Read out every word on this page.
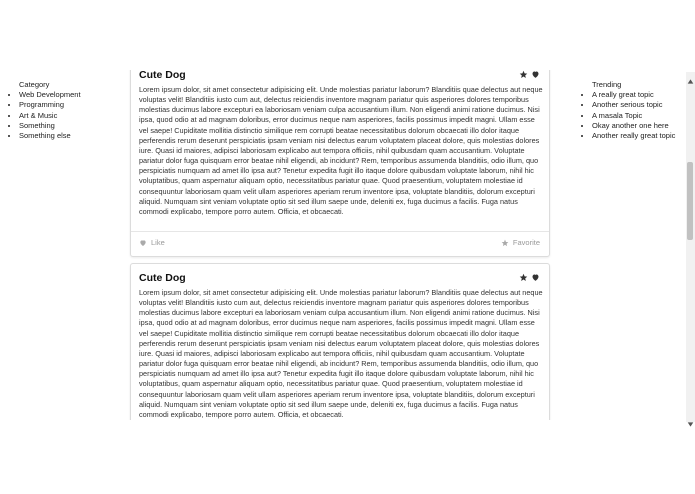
Category
• Web Development
• Programming
• Art & Music
• Something
• Something else
Cute Dog
Lorem ipsum dolor, sit amet consectetur adipisicing elit. Unde molestias pariatur laborum? Blanditiis quae delectus aut neque voluptas velit! Blanditiis iusto cum aut, delectus reiciendis inventore magnam pariatur quis asperiores dolores temporibus molestias ducimus labore excepturi ea laboriosam veniam culpa accusantium illum. Non eligendi animi ratione ducimus. Nisi ipsa, quod odio at ad magnam doloribus, error ducimus neque nam asperiores, facilis possimus impedit magni. Ullam esse vel saepe! Cupiditate mollitia distinctio similique rem corrupti beatae necessitatibus dolorum obcaecati illo dolor itaque perferendis rerum deserunt perspiciatis ipsam veniam nisi delectus earum voluptatem placeat dolore, quis molestias dolores iure. Quasi id maiores, adipisci laboriosam explicabo aut tempora officiis, nihil quibusdam quam accusantium. Voluptate pariatur dolor fuga quisquam error beatae nihil eligendi, ab incidunt? Rem, temporibus assumenda blanditiis, odio illum, quo perspiciatis numquam ad amet illo ipsa aut? Tenetur expedita fugit illo itaque dolore quibusdam voluptate laborum, nihil hic voluptatibus, quam aspernatur aliquam optio, necessitatibus pariatur quae. Quod praesentium, voluptatem molestiae id consequuntur laboriosam quam velit ullam asperiores aperiam rerum inventore ipsa, voluptate blanditiis, dolorum excepturi aliquid. Numquam sint veniam voluptate optio sit sed illum saepe unde, deleniti ex, fuga ducimus a facilis. Fuga natus commodi explicabo, tempore porro autem. Officia, et obcaecati.
Like	Favorite
Cute Dog
Lorem ipsum dolor, sit amet consectetur adipisicing elit. Unde molestias pariatur laborum? Blanditiis quae delectus aut neque voluptas velit! Blanditiis iusto cum aut, delectus reiciendis inventore magnam pariatur quis asperiores dolores temporibus molestias ducimus labore excepturi ea laboriosam veniam culpa accusantium illum. Non eligendi animi ratione ducimus. Nisi ipsa, quod odio at ad magnam doloribus, error ducimus neque nam asperiores, facilis possimus impedit magni. Ullam esse vel saepe! Cupiditate mollitia distinctio similique rem corrupti beatae necessitatibus dolorum obcaecati illo dolor itaque perferendis rerum deserunt perspiciatis ipsam veniam nisi delectus earum voluptatem placeat dolore, quis molestias dolores iure. Quasi id maiores, adipisci laboriosam explicabo aut tempora officiis, nihil quibusdam quam accusantium. Voluptate pariatur dolor fuga quisquam error beatae nihil eligendi, ab incidunt? Rem, temporibus assumenda blanditiis, odio illum, quo perspiciatis numquam ad amet illo ipsa aut? Tenetur expedita fugit illo itaque dolore quibusdam voluptate laborum, nihil hic voluptatibus, quam aspernatur aliquam optio, necessitatibus pariatur quae. Quod praesentium, voluptatem molestiae id consequuntur laboriosam quam velit ullam asperiores aperiam rerum inventore ipsa, voluptate blanditiis, dolorum excepturi aliquid. Numquam sint veniam voluptate optio sit sed illum saepe unde, deleniti ex, fuga ducimus a facilis. Fuga natus commodi explicabo, tempore porro autem. Officia, et obcaecati.
Trending
• A really great topic
• Another serious topic
• A masala Topic
• Okay another one here
• Another really great topic
